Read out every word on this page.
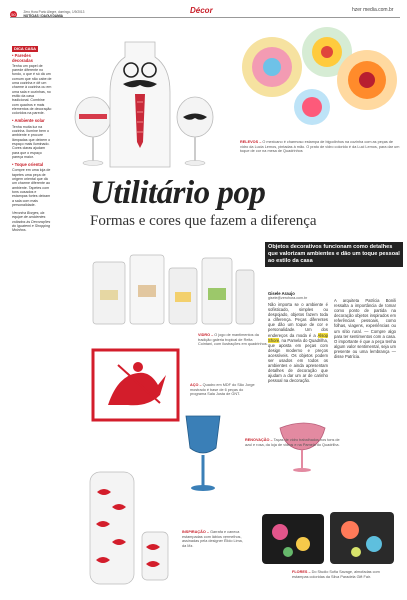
50
Zero Hora Porto Alegre, domingo, 1/9/2013
NOTÍCIAS | DAQUI DAMIA
Décor	hzer media.com.br
DICA CASA
• Paredes decoradas
Tenha um papel de parede diferente no fundo, o que é só dá um comum que não cabe de uma cozinha e dê um charme à cozinha ou em uma sala e cozinhas, no estilo da casa tradicional. Combine com quadros e mais elementos de decoração coloridos na parede.
• Ambiente solar
Tenha muita luz na cozinha. Ilumine bem o ambiente e procure lâmpadas que deixem o espaço mais iluminado. Cores claras ajudam para que o espaço pareça maior.
• Toque oriental
Compre em uma loja de tapetes uma peça de origem oriental que dá um charme diferente ao ambiente. Tapetes com tons ousados e estampas fortes deixam a sala com mais personalidade.
Veronica Borges, da equipe de ambientes voltados às Decorações do Iguatemi e Shopping Moinhos.
RELEVOS – O mexicano é charmoso estampa de bigodinhos na cozinha com as peças de vidro da Lucia Lemos, pintadas à mão. O prato de vidro colorido é da Luci Lemos, para dar um toque de cor na mesa de Quadrinhos
Utilitário pop
Formas e cores que fazem a diferença
VIDRO – O jogo de mantimentos da tradição galeria tropical de Reita Cointani, com ilustrações em quadrinhos.
Objetos decorativos funcionam como detalhes que valorizam ambientes e dão um toque pessoal ao estilo da casa
Gisele Araujo
gisele@zerohora.com.br
Não importa se o ambiente é sofisticado, simples ou despojado, objetos fazem toda a diferença. Peças diferentes que dão um toque de cor e personalidade. Um dos endereços da moda é a Alsop Shore, na Pamela do Quadrilha, que aposta em peças com design moderno e preços acessíveis. Os objetos podem ser usados em todos os ambientes e ainda apresentam detalhes de decoração que ajudam a dar um ar de carinho pessoal na decoração.
A arquiteta Patrícia Bonili ressalta a importância de tomar como ponto de partida na decoração objetos inspirados em referências pessoais, como folhas, viagens, experiências ou um sítio rural. — Compre algo para ter sentimentos com a casa. O importante é que a peça tenha algum valor sentimental, seja um presente ou uma lembrança — disse Patrícia.
AÇO – Quadro em MDF do São Jorge mostrado é base de 6 peças do programa Sala Justa de GNT.
RENOVAÇÃO – Taças de vidro trabalhados nos tons de azul e rosa, da loja de vidros e na Pamela do Quadrilha.
INSPIRAÇÃO – Garrafa e caneca estampadas com lábios vermelhos, assinadas pela designer Élido Lima, da Mz.
FLORES – Do Studio Sofia Savage, almofadas com estampas coloridas da Silva Paradela Gift Fair.
